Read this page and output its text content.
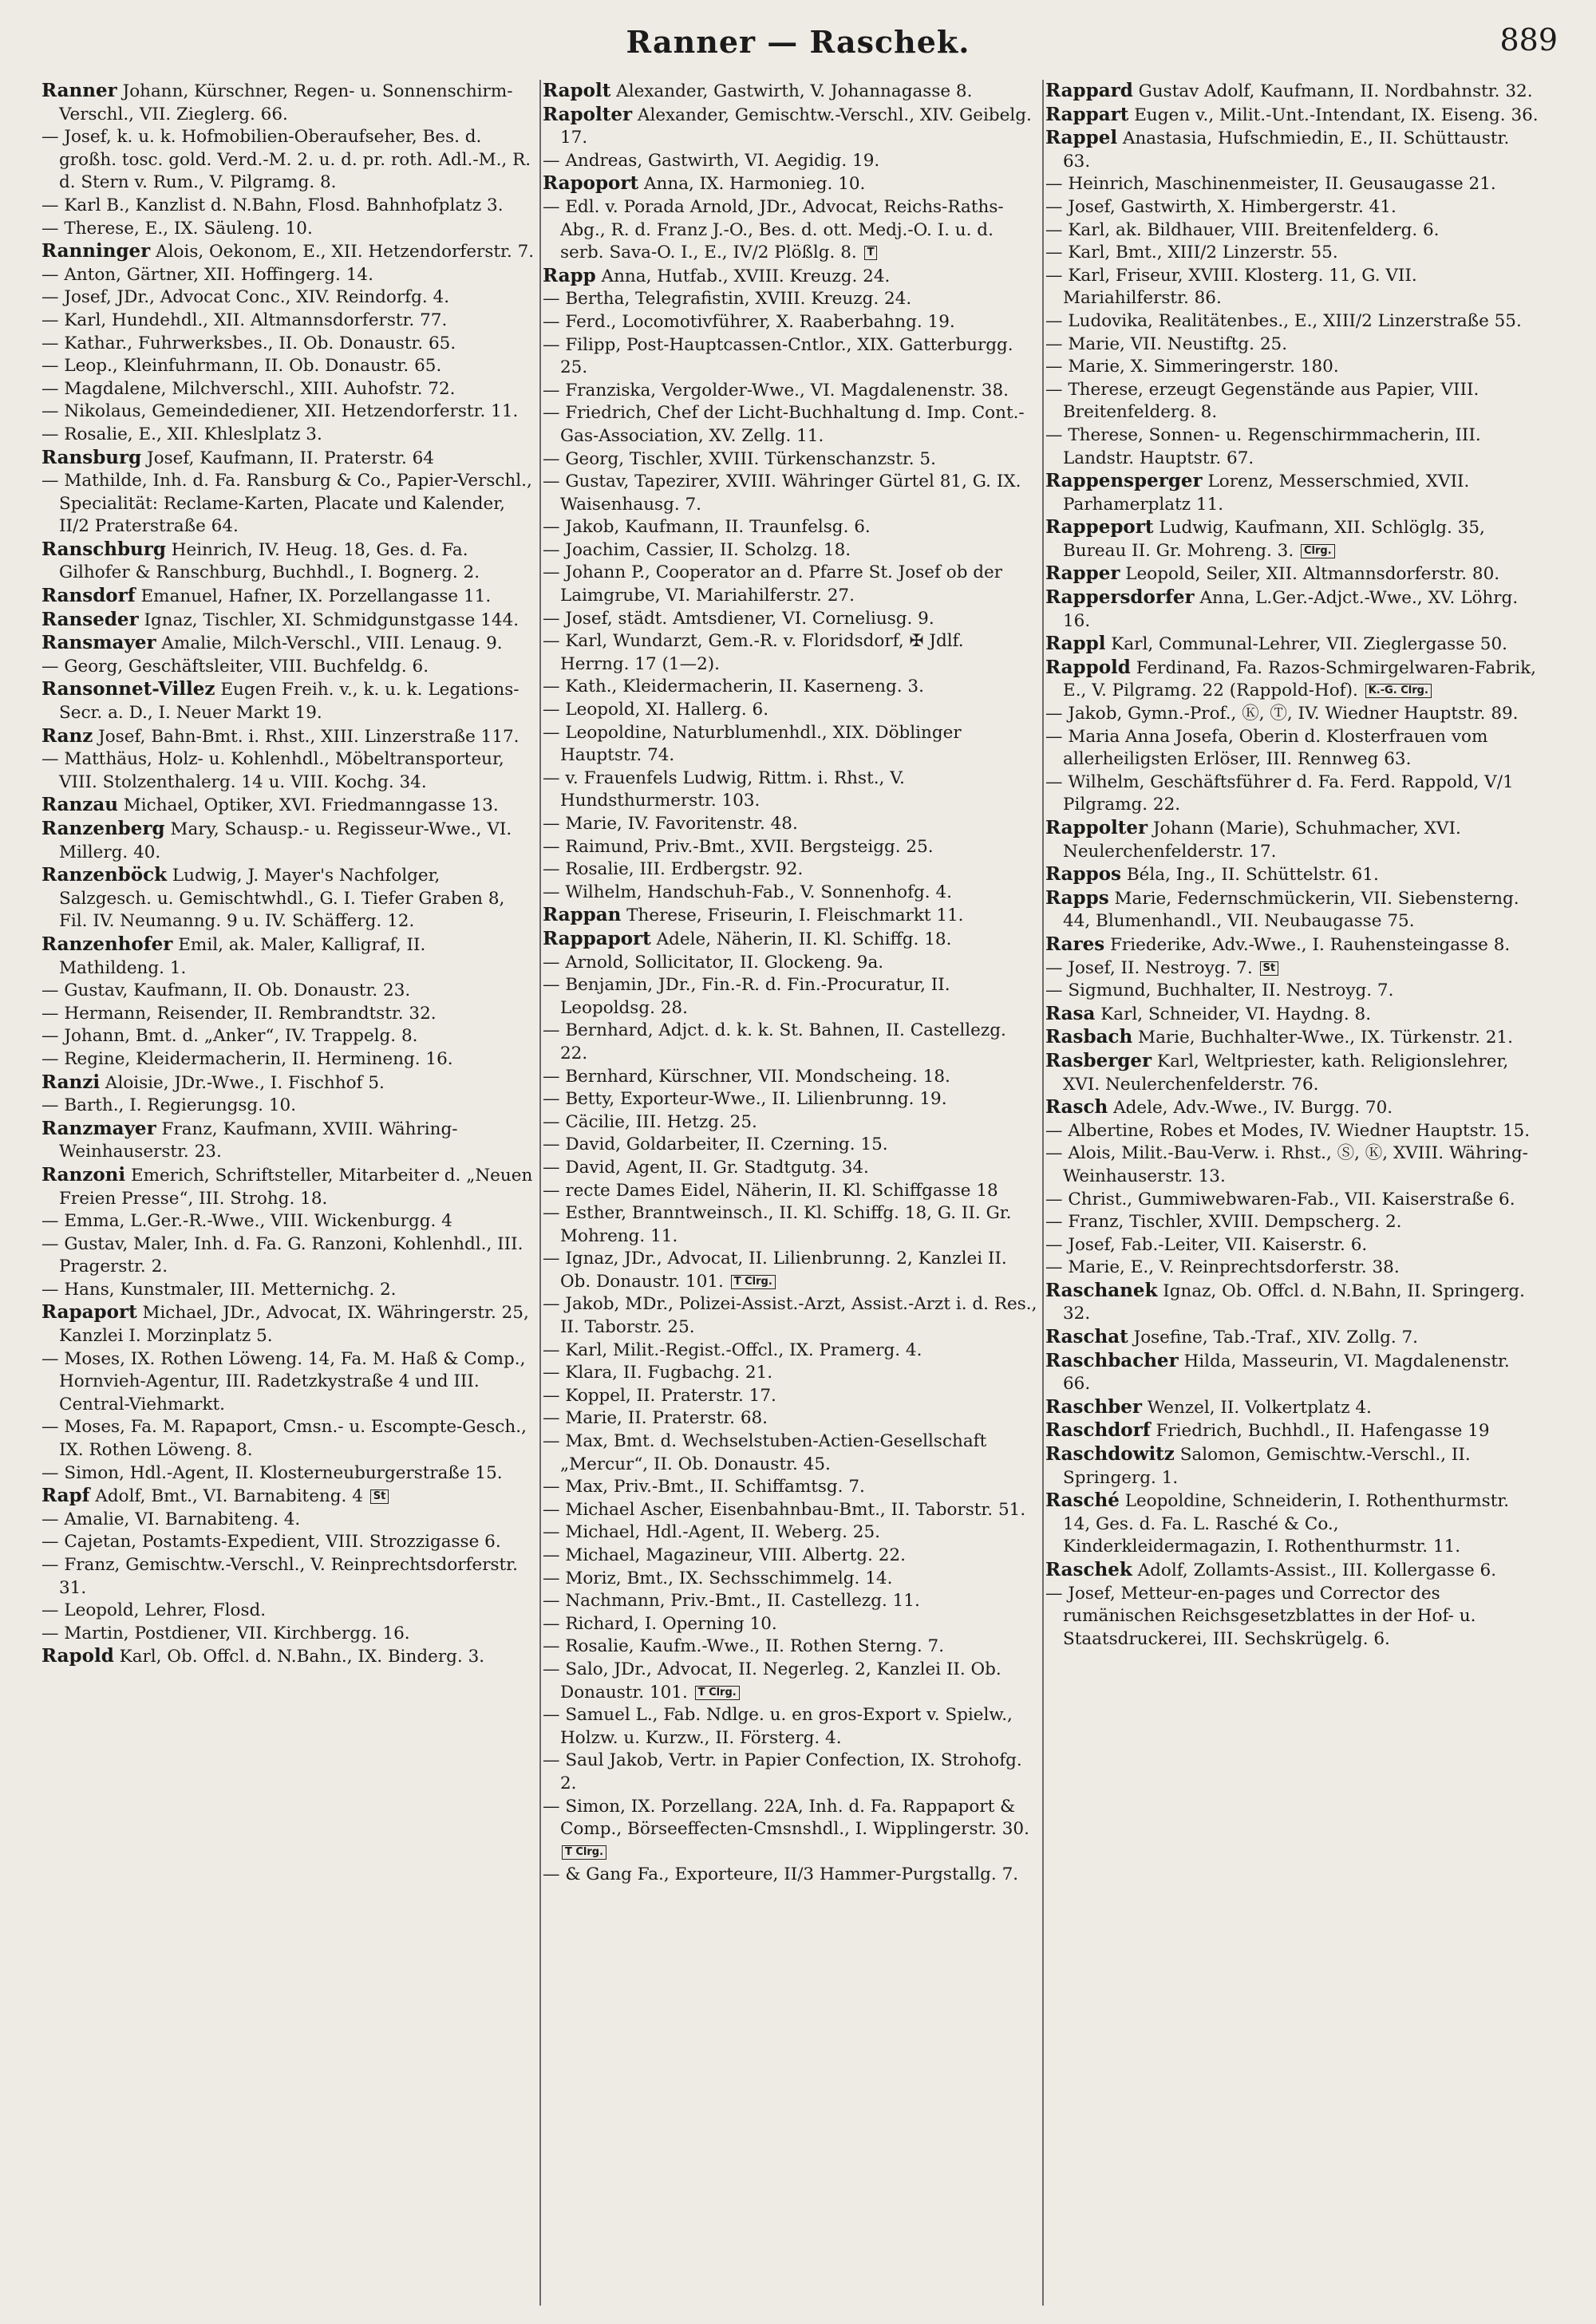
Ranner — Raschek.	889
Ranner Johann, Kürschner, Regen- u. Sonnenschirm-Verschl., VII. Zieglerg. 66.
— Josef, k. u. k. Hofmobilien-Oberaufseher, Bes. d. großh. tosc. gold. Verd.-M. 2. u. d. pr. roth. Adl.-M., R. d. Stern v. Rum., V. Pilgramg. 8.
— Karl B., Kanzlist d. N.Bahn, Flosd. Bahnhofplatz 3.
— Therese, E., IX. Säuleng. 10.
Ranninger Alois, Oekonom, E., XII. Hetzendorferstr. 7.
— Anton, Gärtner, XII. Hoffingerg. 14.
— Josef, JDr., Advocat Conc., XIV. Reindorfg. 4.
— Karl, Hundehdl., XII. Altmannsdorferstr. 77.
— Kathar., Fuhrwerksbes., II. Ob. Donaustr. 65.
— Leop., Kleinfuhrmann, II. Ob. Donaustr. 65.
— Magdalene, Milchverschl., XIII. Auhofstr. 72.
— Nikolaus, Gemeindediener, XII. Hetzendorferstr. 11.
— Rosalie, E., XII. Khleslplatz 3.
Ransburg Josef, Kaufmann, II. Praterstr. 64
— Mathilde, Inh. d. Fa. Ransburg & Co., Papier-Verschl., Specialität: Reclame-Karten, Placate und Kalender, II/2 Praterstraße 64.
Ranschburg Heinrich, IV. Heug. 18, Ges. d. Fa. Gilhofer & Ranschburg, Buchhdl., I. Bognerg. 2.
Ransdorf Emanuel, Hafner, IX. Porzellangasse 11.
Ranseder Ignaz, Tischler, XI. Schmidgunstgasse 144.
Ransmayer Amalie, Milch-Verschl., VIII. Lenaug. 9.
— Georg, Geschäftsleiter, VIII. Buchfeldg. 6.
Ransonnet-Villez Eugen Freih. v., k. u. k. Legations-Secr. a. D., I. Neuer Markt 19.
Ranz Josef, Bahn-Bmt. i. Rhst., XIII. Linzerstraße 117.
— Matthäus, Holz- u. Kohlenhdl., Möbeltransporteur, VIII. Stolzenthalerg. 14 u. VIII. Kochg. 34.
Ranzau Michael, Optiker, XVI. Friedmanngasse 13.
Ranzenberg Mary, Schausp.- u. Regisseur-Wwe., VI. Millerg. 40.
Ranzenböck Ludwig, J. Mayer's Nachfolger, Salzgesch. u. Gemischtwhdl., G. I. Tiefer Graben 8, Fil. IV. Neumanng. 9 u. IV. Schäfferg. 12.
Ranzenhofer Emil, ak. Maler, Kalligraf, II. Mathildeng. 1.
— Gustav, Kaufmann, II. Ob. Donaustr. 23.
— Hermann, Reisender, II. Rembrandtstr. 32.
— Johann, Bmt. d. „Anker“, IV. Trappelg. 8.
— Regine, Kleidermacherin, II. Hermineng. 16.
Ranzi Aloisie, JDr.-Wwe., I. Fischhof 5.
— Barth., I. Regierungsg. 10.
Ranzmayer Franz, Kaufmann, XVIII. Währing-Weinhauserstr. 23.
Ranzoni Emerich, Schriftsteller, Mitarbeiter d. „Neuen Freien Presse“, III. Strohg. 18.
— Emma, L.Ger.-R.-Wwe., VIII. Wickenburgg. 4
— Gustav, Maler, Inh. d. Fa. G. Ranzoni, Kohlenhdl., III. Pragerstr. 2.
— Hans, Kunstmaler, III. Metternichg. 2.
Rapaport Michael, JDr., Advocat, IX. Währingerstr. 25, Kanzlei I. Morzinplatz 5.
— Moses, IX. Rothen Löweng. 14, Fa. M. Haß & Comp., Hornvieh-Agentur, III. Radetzkystraße 4 und III. Central-Viehmarkt.
— Moses, Fa. M. Rapaport, Cmsn.- u. Escompte-Gesch., IX. Rothen Löweng. 8.
— Simon, Hdl.-Agent, II. Klosterneuburgerstraße 15.
Rapf Adolf, Bmt., VI. Barnabiteng. 4 St
— Amalie, VI. Barnabiteng. 4.
— Cajetan, Postamts-Expedient, VIII. Strozzigasse 6.
— Franz, Gemischtw.-Verschl., V. Reinprechtsdorferstr. 31.
— Leopold, Lehrer, Flosd.
— Martin, Postdiener, VII. Kirchbergg. 16.
Rapold Karl, Ob. Offcl. d. N.Bahn., IX. Binderg. 3.
Rapolt Alexander, Gastwirth, V. Johannagasse 8.
Rapolter Alexander, Gemischtw.-Verschl., XIV. Geibelg. 17.
— Andreas, Gastwirth, VI. Aegidig. 19.
Rapoport Anna, IX. Harmonieg. 10.
— Edl. v. Porada Arnold, JDr., Advocat, Reichs-Raths-Abg., R. d. Franz J.-O., Bes. d. ott. Medj.-O. I. u. d. serb. Sava-O. I., E., IV/2 Plößlg. 8. T
Rapp Anna, Hutfab., XVIII. Kreuzg. 24.
— Bertha, Telegrafistin, XVIII. Kreuzg. 24.
— Ferd., Locomotivführer, X. Raaberbahng. 19.
— Filipp, Post-Hauptcassen-Cntlor., XIX. Gatterburgg. 25.
— Franziska, Vergolder-Wwe., VI. Magdalenenstr. 38.
— Friedrich, Chef der Licht-Buchhaltung d. Imp. Cont.-Gas-Association, XV. Zellg. 11.
— Georg, Tischler, XVIII. Türkenschanzstr. 5.
— Gustav, Tapezirer, XVIII. Währinger Gürtel 81, G. IX. Waisenhausg. 7.
— Jakob, Kaufmann, II. Traunfelsg. 6.
— Joachim, Cassier, II. Scholzg. 18.
— Johann P., Cooperator an d. Pfarre St. Josef ob der Laimgrube, VI. Mariahilferstr. 27.
— Josef, städt. Amtsdiener, VI. Corneliusg. 9.
— Karl, Wundarzt, Gem.-R. v. Floridsdorf, ✠ Jdlf. Herrng. 17 (1—2).
— Kath., Kleidermacherin, II. Kaserneng. 3.
— Leopold, XI. Hallerg. 6.
— Leopoldine, Naturblumenhdl., XIX. Döblinger Hauptstr. 74.
— v. Frauenfels Ludwig, Rittm. i. Rhst., V. Hundsthurmerstr. 103.
— Marie, IV. Favoritenstr. 48.
— Raimund, Priv.-Bmt., XVII. Bergsteigg. 25.
— Rosalie, III. Erdbergstr. 92.
— Wilhelm, Handschuh-Fab., V. Sonnenhofg. 4.
Rappan Therese, Friseurin, I. Fleischmarkt 11.
Rappaport Adele, Näherin, II. Kl. Schiffg. 18.
— Arnold, Sollicitator, II. Glockeng. 9a.
— Benjamin, JDr., Fin.-R. d. Fin.-Procuratur, II. Leopoldsg. 28.
— Bernhard, Adjct. d. k. k. St. Bahnen, II. Castellezg. 22.
— Bernhard, Kürschner, VII. Mondscheing. 18.
— Betty, Exporteur-Wwe., II. Lilienbrunng. 19.
— Cäcilie, III. Hetzg. 25.
— David, Goldarbeiter, II. Czerning. 15.
— David, Agent, II. Gr. Stadtgutg. 34.
— recte Dames Eidel, Näherin, II. Kl. Schiffgasse 18
— Esther, Branntweinsch., II. Kl. Schiffg. 18, G. II. Gr. Mohreng. 11.
— Ignaz, JDr., Advocat, II. Lilienbrunng. 2, Kanzlei II. Ob. Donaustr. 101. T Clrg.
— Jakob, MDr., Polizei-Assist.-Arzt, Assist.-Arzt i. d. Res., II. Taborstr. 25.
— Karl, Milit.-Regist.-Offcl., IX. Pramerg. 4.
— Klara, II. Fugbachg. 21.
— Koppel, II. Praterstr. 17.
— Marie, II. Praterstr. 68.
— Max, Bmt. d. Wechselstuben-Actien-Gesellschaft „Mercur“, II. Ob. Donaustr. 45.
— Max, Priv.-Bmt., II. Schiffamtsg. 7.
— Michael Ascher, Eisenbahnbau-Bmt., II. Taborstr. 51.
— Michael, Hdl.-Agent, II. Weberg. 25.
— Michael, Magazineur, VIII. Albertg. 22.
— Moriz, Bmt., IX. Sechsschimmelg. 14.
— Nachmann, Priv.-Bmt., II. Castellezg. 11.
— Richard, I. Operning 10.
— Rosalie, Kaufm.-Wwe., II. Rothen Sterng. 7.
— Salo, JDr., Advocat, II. Negerleg. 2, Kanzlei II. Ob. Donaustr. 101. T Clrg.
— Samuel L., Fab. Ndlge. u. en gros-Export v. Spielw., Holzw. u. Kurzw., II. Försterg. 4.
— Saul Jakob, Vertr. in Papier Confection, IX. Strohofg. 2.
— Simon, IX. Porzellang. 22A, Inh. d. Fa. Rappaport & Comp., Börseeffecten-Cmsnshdl., I. Wipplingerstr. 30. T Clrg.
— & Gang Fa., Exporteure, II/3 Hammer-Purgstallg. 7.
Rappard Gustav Adolf, Kaufmann, II. Nordbahnstr. 32.
Rappart Eugen v., Milit.-Unt.-Intendant, IX. Eiseng. 36.
Rappel Anastasia, Hufschmiedin, E., II. Schüttaustr. 63.
— Heinrich, Maschinenmeister, II. Geusaugasse 21.
— Josef, Gastwirth, X. Himbergerstr. 41.
— Karl, ak. Bildhauer, VIII. Breitenfelderg. 6.
— Karl, Bmt., XIII/2 Linzerstr. 55.
— Karl, Friseur, XVIII. Klosterg. 11, G. VII. Mariahilferstr. 86.
— Ludovika, Realitätenbes., E., XIII/2 Linzerstraße 55.
— Marie, VII. Neustiftg. 25.
— Marie, X. Simmeringerstr. 180.
— Therese, erzeugt Gegenstände aus Papier, VIII. Breitenfelderg. 8.
— Therese, Sonnen- u. Regenschirmmacherin, III. Landstr. Hauptstr. 67.
Rappensperger Lorenz, Messerschmied, XVII. Parhamerplatz 11.
Rappeport Ludwig, Kaufmann, XII. Schlöglg. 35, Bureau II. Gr. Mohreng. 3. Clrg.
Rapper Leopold, Seiler, XII. Altmannsdorferstr. 80.
Rappersdorfer Anna, L.Ger.-Adjct.-Wwe., XV. Löhrg. 16.
Rappl Karl, Communal-Lehrer, VII. Zieglergasse 50.
Rappold Ferdinand, Fa. Razos-Schmirgelwaren-Fabrik, E., V. Pilgramg. 22 (Rappold-Hof). K.-G. Clrg.
— Jakob, Gymn.-Prof., Ⓚ, Ⓣ, IV. Wiedner Hauptstr. 89.
— Maria Anna Josefa, Oberin d. Klosterfrauen vom allerheiligsten Erlöser, III. Rennweg 63.
— Wilhelm, Geschäftsführer d. Fa. Ferd. Rappold, V/1 Pilgramg. 22.
Rappolter Johann (Marie), Schuhmacher, XVI. Neulerchenfelderstr. 17.
Rappos Béla, Ing., II. Schüttelstr. 61.
Rapps Marie, Federnschmückerin, VII. Siebensterng. 44, Blumenhandl., VII. Neubaugasse 75.
Rares Friederike, Adv.-Wwe., I. Rauhensteingasse 8.
— Josef, II. Nestroyg. 7. St
— Sigmund, Buchhalter, II. Nestroyg. 7.
Rasa Karl, Schneider, VI. Haydng. 8.
Rasbach Marie, Buchhalter-Wwe., IX. Türkenstr. 21.
Rasberger Karl, Weltpriester, kath. Religionslehrer, XVI. Neulerchenfelderstr. 76.
Rasch Adele, Adv.-Wwe., IV. Burgg. 70.
— Albertine, Robes et Modes, IV. Wiedner Hauptstr. 15.
— Alois, Milit.-Bau-Verw. i. Rhst., Ⓢ, Ⓚ, XVIII. Währing-Weinhauserstr. 13.
— Christ., Gummiwebwaren-Fab., VII. Kaiserstraße 6.
— Franz, Tischler, XVIII. Dempscherg. 2.
— Josef, Fab.-Leiter, VII. Kaiserstr. 6.
— Marie, E., V. Reinprechtsdorferstr. 38.
Raschanek Ignaz, Ob. Offcl. d. N.Bahn, II. Springerg. 32.
Raschat Josefine, Tab.-Traf., XIV. Zollg. 7.
Raschbacher Hilda, Masseurin, VI. Magdalenenstr. 66.
Raschber Wenzel, II. Volkertplatz 4.
Raschdorf Friedrich, Buchhdl., II. Hafengasse 19
Raschdowitz Salomon, Gemischtw.-Verschl., II. Springerg. 1.
Rasché Leopoldine, Schneiderin, I. Rothenthurmstr. 14, Ges. d. Fa. L. Rasché & Co., Kinderkleidermagazin, I. Rothenthurmstr. 11.
Raschek Adolf, Zollamts-Assist., III. Kollergasse 6.
— Josef, Metteur-en-pages und Corrector des rumänischen Reichsgesetzblattes in der Hof- u. Staatsdruckerei, III. Sechskrügelg. 6.
